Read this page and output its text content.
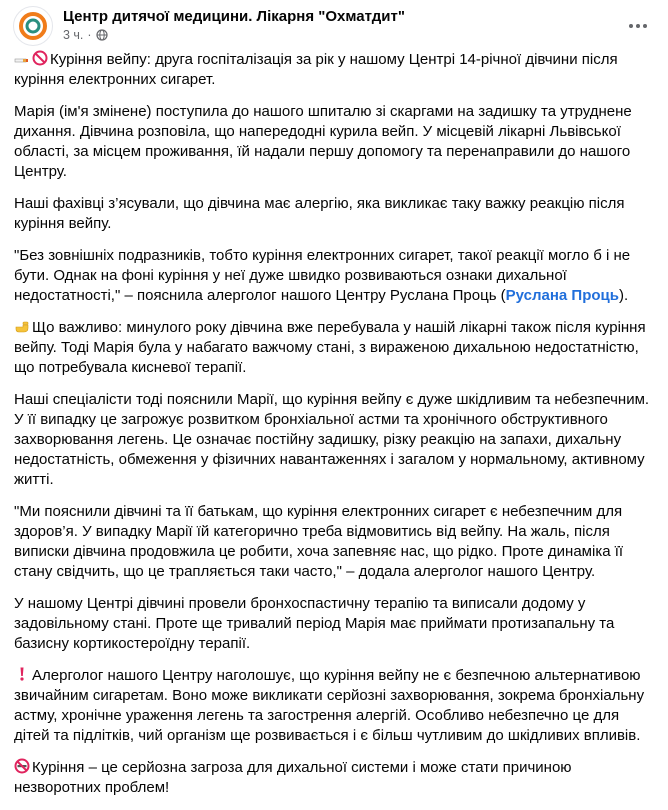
Центр дитячої медицини. Лікарня "Охматдит"
3 ч. ·

Куріння вейпу: друга госпіталізація за рік у нашому Центрі 14-річної дівчини після куріння електронних сигарет.

Марія (ім'я змінене) поступила до нашого шпиталю зі скаргами на задишку та утруднене дихання. Дівчина розповіла, що напередодні курила вейп. У місцевій лікарні Львівської області, за місцем проживання, їй надали першу допомогу та перенаправили до нашого Центру.

Наші фахівці з’ясували, що дівчина має алергію, яка викликає таку важку реакцію після куріння вейпу.

"Без зовнішніх подразників, тобто куріння електронних сигарет, такої реакції могло б і не бути. Однак на фоні куріння у неї дуже швидко розвиваються ознаки дихальної недостатності," – пояснила алерголог нашого Центру Руслана Проць (Руслана Проць).

Що важливо: минулого року дівчина вже перебувала у нашій лікарні також після куріння вейпу. Тоді Марія була у набагато важчому стані, з вираженою дихальною недостатністю, що потребувала кисневої терапії.

Наші спеціалісти тоді пояснили Марії, що куріння вейпу є дуже шкідливим та небезпечним. У її випадку це загрожує розвитком бронхіальної астми та хронічного обструктивного захворювання легень. Це означає постійну задишку, різку реакцію на запахи, дихальну недостатність, обмеження у фізичних навантаженнях і загалом у нормальному, активному житті.

"Ми пояснили дівчині та її батькам, що куріння електронних сигарет є небезпечним для здоров’я. У випадку Марії їй категорично треба відмовитись від вейпу. На жаль, після виписки дівчина продовжила це робити, хоча запевняє нас, що рідко. Проте динаміка її стану свідчить, що це трапляється таки часто," – додала алерголог нашого Центру.

У нашому Центрі дівчині провели бронхоспастичну терапію та виписали додому у задовільному стані. Проте ще тривалий період Марія має приймати протизапальну та базисну кортикостероїдну терапії.

Алерголог нашого Центру наголошує, що куріння вейпу не є безпечною альтернативою звичайним сигаретам. Воно може викликати серйозні захворювання, зокрема бронхіальну астму, хронічне ураження легень та загострення алергій. Особливо небезпечно це для дітей та підлітків, чий організм ще розвивається і є більш чутливим до шкідливих впливів.

Куріння – це серйозна загроза для дихальної системи і може стати причиною незворотних проблем!
